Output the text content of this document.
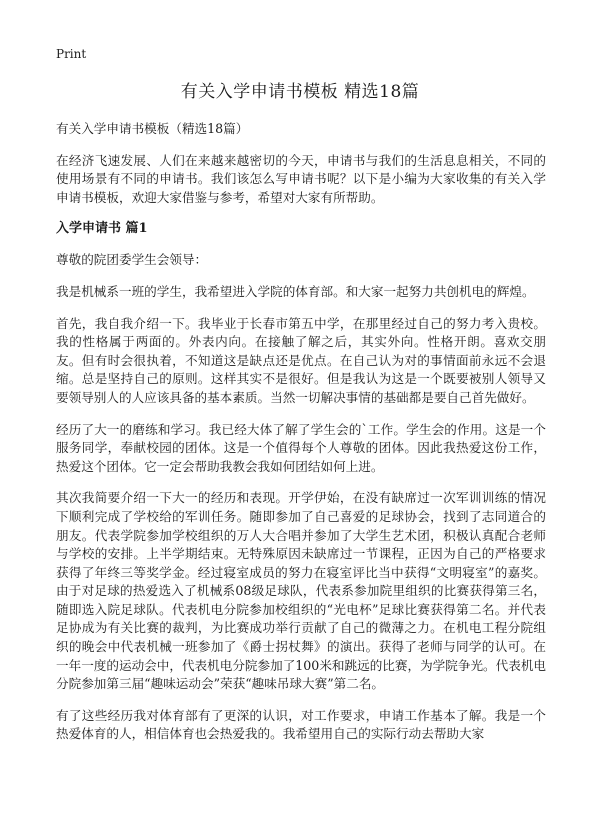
Print
有关入学申请书模板 精选18篇

有关入学申请书模板（精选18篇）

在经济飞速发展、人们在来越来越密切的今天，申请书与我们的生活息息相关，不同的使用场景有不同的申请书。我们该怎么写申请书呢？以下是小编为大家收集的有关入学申请书模板，欢迎大家借鉴与参考，希望对大家有所帮助。

入学申请书 篇1

尊敬的院团委学生会领导：

我是机械系一班的学生，我希望进入学院的体育部。和大家一起努力共创机电的辉煌。

首先，我自我介绍一下。我毕业于长春市第五中学，在那里经过自己的努力考入贵校。我的性格属于两面的。外表内向。在接触了解之后，其实外向。性格开朗。喜欢交朋友。但有时会很执着，不知道这是缺点还是优点。在自己认为对的事情面前永远不会退缩。总是坚持自己的原则。这样其实不是很好。但是我认为这是一个既要被别人领导又要领导别人的人应该具备的基本素质。当然一切解决事情的基础都是要自己首先做好。

经历了大一的磨练和学习。我已经大体了解了学生会的`工作。学生会的作用。这是一个服务同学，奉献校园的团体。这是一个值得每个人尊敬的团体。因此我热爱这份工作，热爱这个团体。它一定会帮助我教会我如何团结如何上进。

其次我简要介绍一下大一的经历和表现。开学伊始，在没有缺席过一次军训训练的情况下顺利完成了学校给的军训任务。随即参加了自己喜爱的足球协会，找到了志同道合的朋友。代表学院参加学校组织的万人大合唱并参加了大学生艺术团，积极认真配合老师与学校的安排。上半学期结束。无特殊原因未缺席过一节课程，正因为自己的严格要求获得了年终三等奖学金。经过寝室成员的努力在寝室评比当中获得“文明寝室”的嘉奖。由于对足球的热爱选入了机械系08级足球队，代表系参加院里组织的比赛获得第三名，随即选入院足球队。代表机电分院参加校组织的“光电杯”足球比赛获得第二名。并代表足协成为有关比赛的裁判，为比赛成功举行贡献了自己的微薄之力。在机电工程分院组织的晚会中代表机械一班参加了《爵士拐杖舞》的演出。获得了老师与同学的认可。在一年一度的运动会中，代表机电分院参加了100米和跳远的比赛，为学院争光。代表机电分院参加第三届“趣味运动会”荣获“趣味吊球大赛”第二名。

有了这些经历我对体育部有了更深的认识，对工作要求，申请工作基本了解。我是一个热爱体育的人，相信体育也会热爱我的。我希望用自己的实际行动去帮助大家
